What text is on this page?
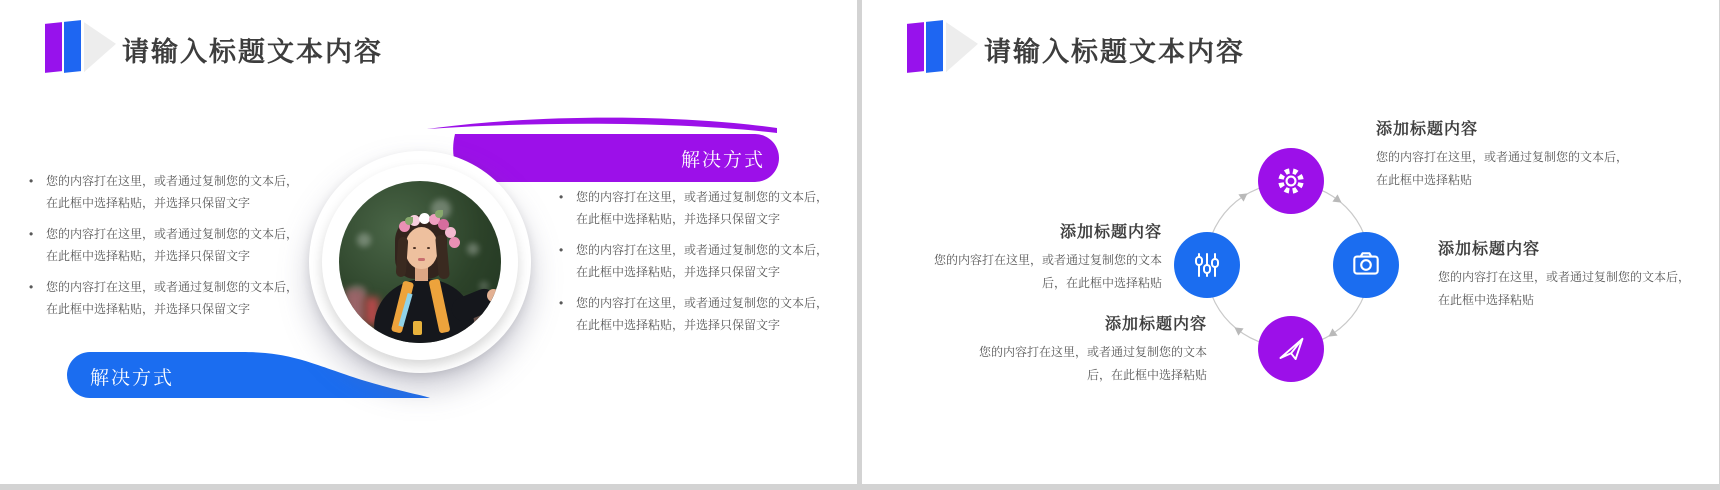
请输入标题文本内容
解决方式
解决方式
• 您的内容打在这里，或者通过复制您的文本后，在此框中选择粘贴，并选择只保留文字
• 您的内容打在这里，或者通过复制您的文本后，在此框中选择粘贴，并选择只保留文字
• 您的内容打在这里，或者通过复制您的文本后，在此框中选择粘贴，并选择只保留文字
• 您的内容打在这里，或者通过复制您的文本后，在此框中选择粘贴，并选择只保留文字
• 您的内容打在这里，或者通过复制您的文本后，在此框中选择粘贴，并选择只保留文字
• 您的内容打在这里，或者通过复制您的文本后，在此框中选择粘贴，并选择只保留文字
请输入标题文本内容
添加标题内容
您的内容打在这里，或者通过复制您的文本后，在此框中选择粘贴
添加标题内容
您的内容打在这里，或者通过复制您的文本后，在此框中选择粘贴
添加标题内容
您的内容打在这里，或者通过复制您的文本后，在此框中选择粘贴
添加标题内容
您的内容打在这里，或者通过复制您的文本后，在此框中选择粘贴
